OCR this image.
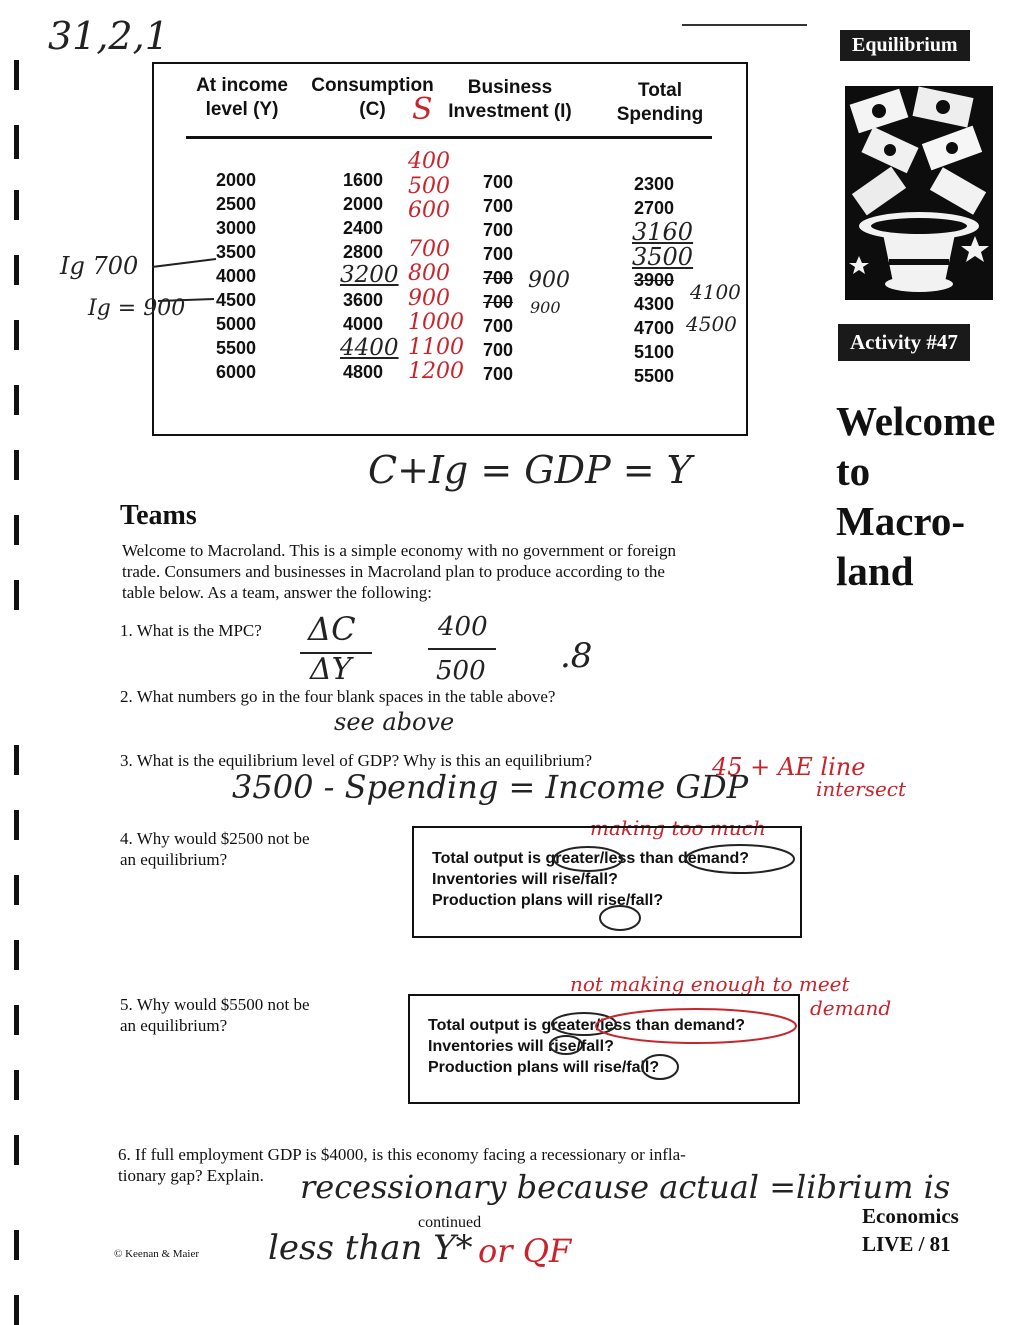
31,2,1
At income
level (Y)
Consumption
(C)
Business
Investment (I)
Total
Spending
S
2000
2500
3000
3500
4000
4500
5000
5500
6000
1600
2000
2400
2800
3600
4000
4800
700
700
700
700
700
700
700
700
700
2300
2700
3900
4300
4700
5100
5500
400
500
600
700
800
900
1000
1100
1200
3200
4400
3160
3500
900
900
4100
4500
Ig 700
Ig = 900
C+Ig = GDP = Y
Equilibrium
Activity #47
Welcome
to
Macro-
land
Teams
Welcome to Macroland. This is a simple economy with no government or foreign
trade. Consumers and businesses in Macroland plan to produce according to the
table below. As a team, answer the following:
1. What is the MPC? ΔC
ΔY
400
500 .8
2. What numbers go in the four blank spaces in the table above?
see above
3. What is the equilibrium level of GDP? Why is this an equilibrium?
3500 - Spending = Income GDP
45 + AE line
intersect
4. Why would $2500 not be
an equilibrium?
making too much
Total output is greater/less than demand?
Inventories will rise/fall?
Production plans will rise/fall?
5. Why would $5500 not be
an equilibrium?
not making enough to meet
demand
Total output is greater/less than demand?
Inventories will rise/fall?
Production plans will rise/fall?
6. If full employment GDP is $4000, is this economy facing a recessionary or infla-
tionary gap? Explain.	recessionary because actual =librium is
less than Y* or QF
continued
© Keenan & Maier
Economics
LIVE / 81
